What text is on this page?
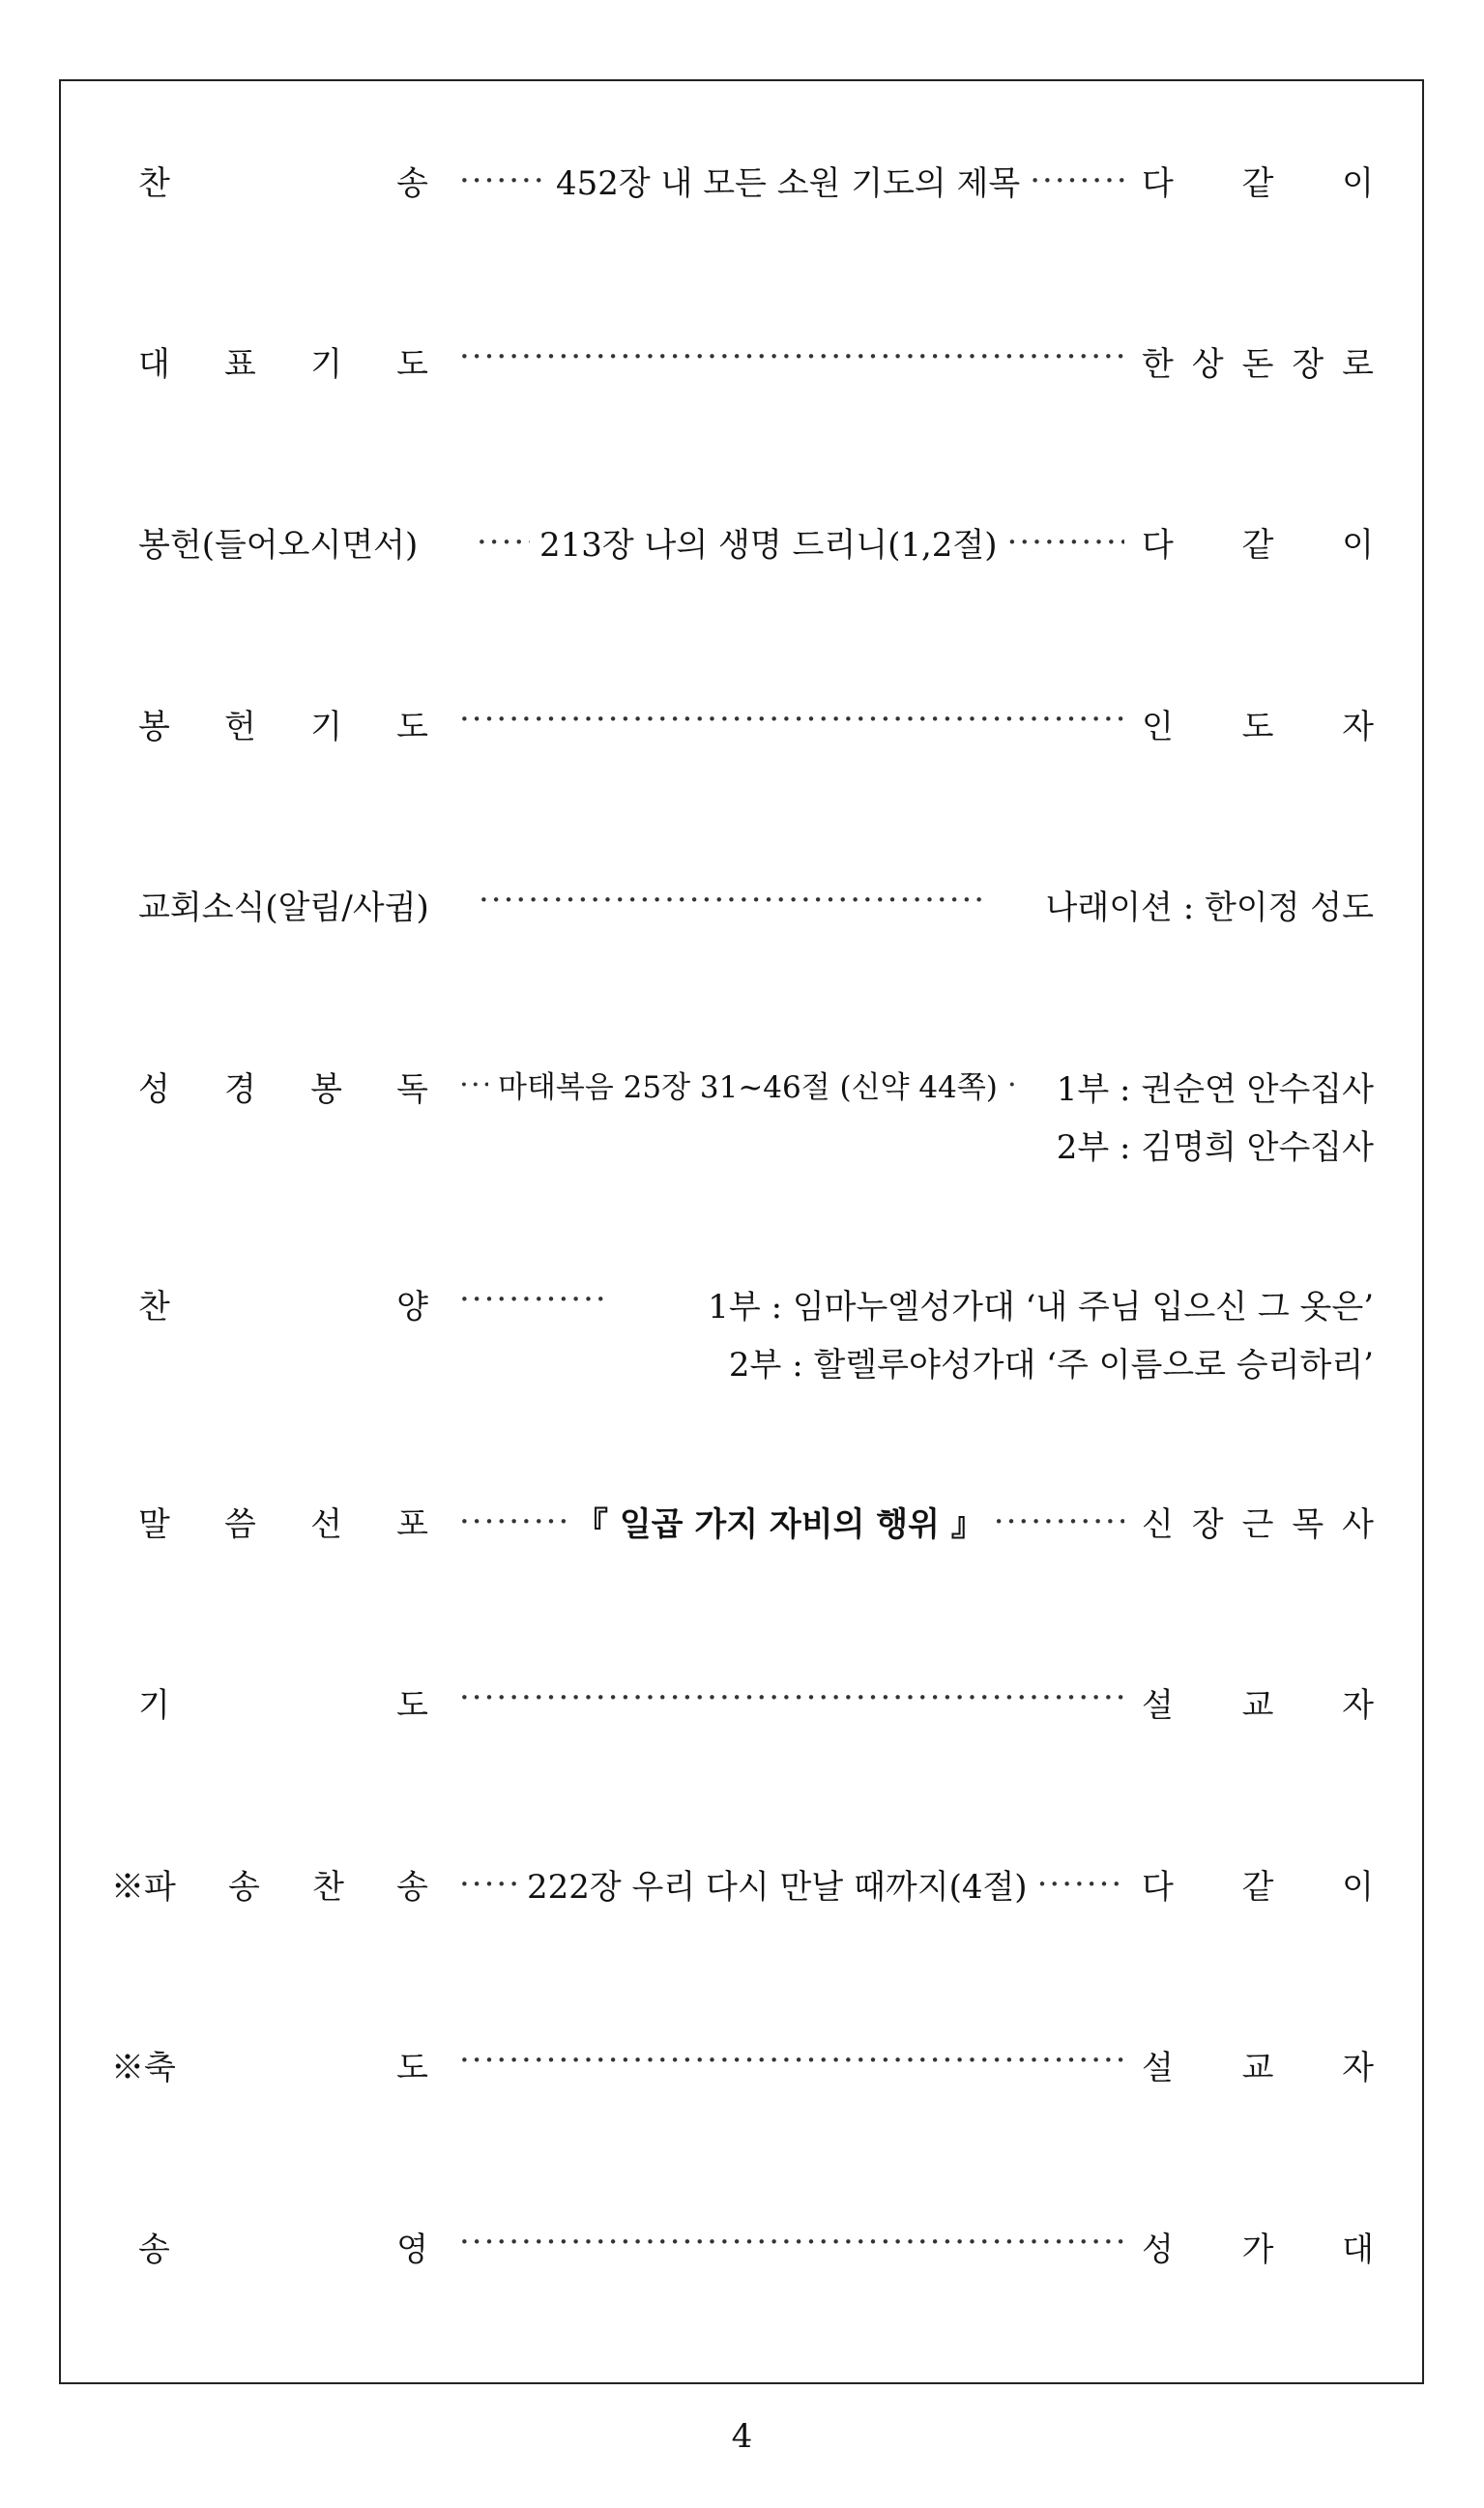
찬	송 ·····	452장 내 모든 소원 기도의 제목 ·····	다 같 이
대 표 기 도 ·····	한 상 돈 장 로
봉헌(들어오시면서) ·····	213장 나의 생명 드리니(1,2절) ·····	다 같 이
봉 헌 기 도 ·····	인 도 자
교회소식(알림/사귐) ·····	나래이션 : 한이정 성도
성 경 봉 독 ·····	마태복음 25장 31~46절 (신약 44쪽) ····· 1부 : 권순연 안수집사
2부 : 김명희 안수집사
찬	양 ·····	1부 : 임마누엘성가대 ‘내 주님 입으신 그 옷은’
2부 : 할렐루야성가대 ‘주 이름으로 승리하리’
말 씀 선 포 ·····	『 일곱 가지 자비의 행위 』 ·····	신 장 근 목 사
기	도 ·····	설 교 자
※파 송 찬 송 ·····	222장 우리 다시 만날 때까지(4절) ·····	다 같 이
※축	도 ·····	설 교 자
송	영 ·····	성 가 대
4
